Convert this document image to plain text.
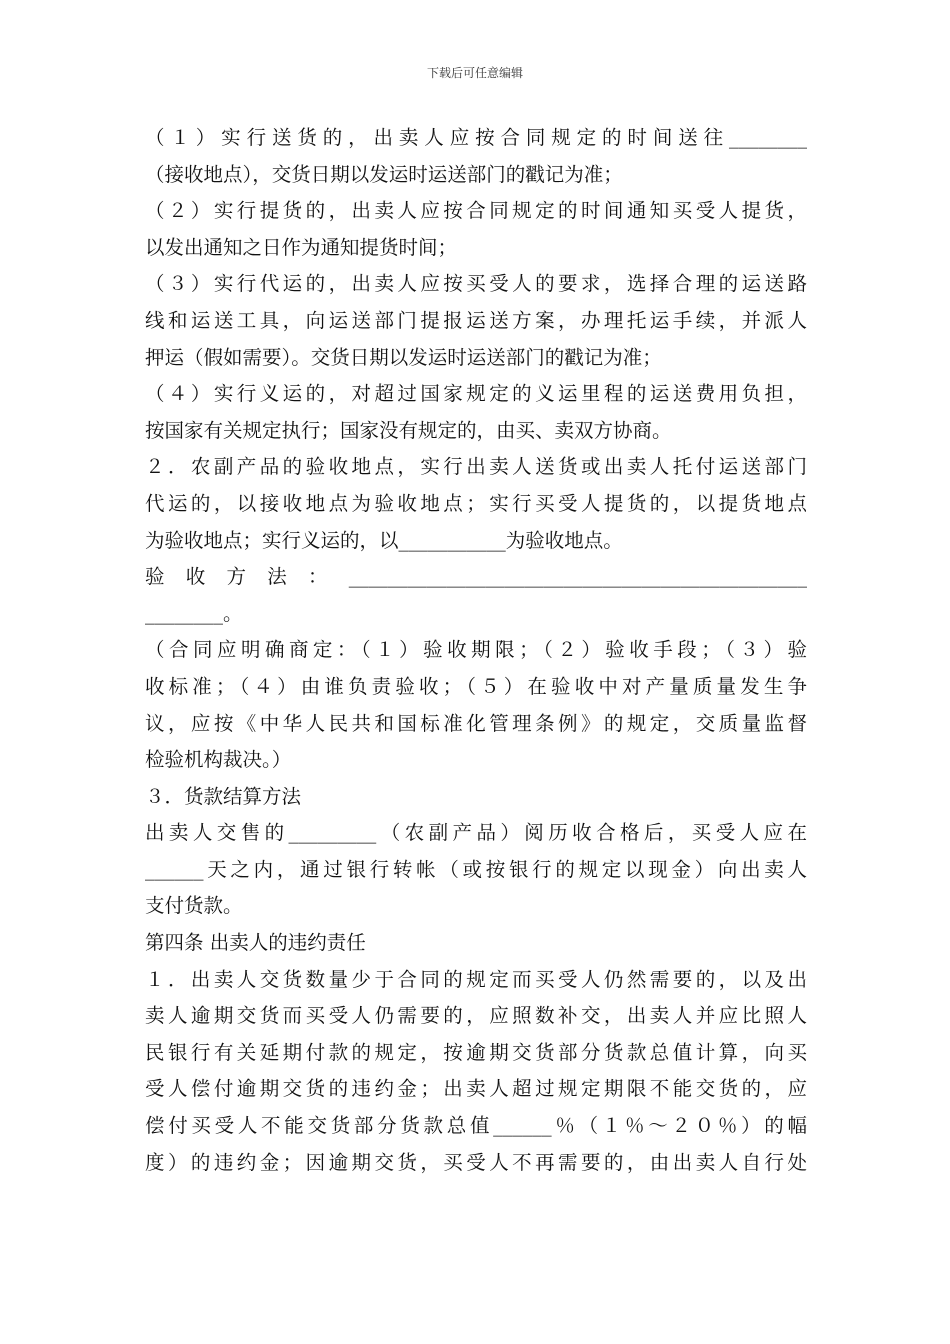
下载后可任意编辑
（１）实行送货的，出卖人应按合同规定的时间送往________
（接收地点），交货日期以发运时运送部门的戳记为准；
（２）实行提货的，出卖人应按合同规定的时间通知买受人提货，
以发出通知之日作为通知提货时间；
（３）实行代运的，出卖人应按买受人的要求，选择合理的运送路
线和运送工具，向运送部门提报运送方案，办理托运手续，并派人
押运（假如需要）。交货日期以发运时运送部门的戳记为准；
（４）实行义运的，对超过国家规定的义运里程的运送费用负担，
按国家有关规定执行；国家没有规定的，由买、卖双方协商。
２．农副产品的验收地点，实行出卖人送货或出卖人托付运送部门
代运的，以接收地点为验收地点；实行买受人提货的，以提货地点
为验收地点；实行义运的，以___________为验收地点。
验收方法：_______________________________________________
________。
（合同应明确商定：（１）验收期限；（２）验收手段；（３）验
收标准；（４）由谁负责验收；（５）在验收中对产量质量发生争
议，应按《中华人民共和国标准化管理条例》的规定，交质量监督
检验机构裁决。）
３．货款结算方法
出卖人交售的_________（农副产品）阅历收合格后，买受人应在
______天之内，通过银行转帐（或按银行的规定以现金）向出卖人
支付货款。
第四条 出卖人的违约责任
１．出卖人交货数量少于合同的规定而买受人仍然需要的，以及出
卖人逾期交货而买受人仍需要的，应照数补交，出卖人并应比照人
民银行有关延期付款的规定，按逾期交货部分货款总值计算，向买
受人偿付逾期交货的违约金；出卖人超过规定期限不能交货的，应
偿付买受人不能交货部分货款总值______％（１％～２０％）的幅
度）的违约金；因逾期交货，买受人不再需要的，由出卖人自行处
